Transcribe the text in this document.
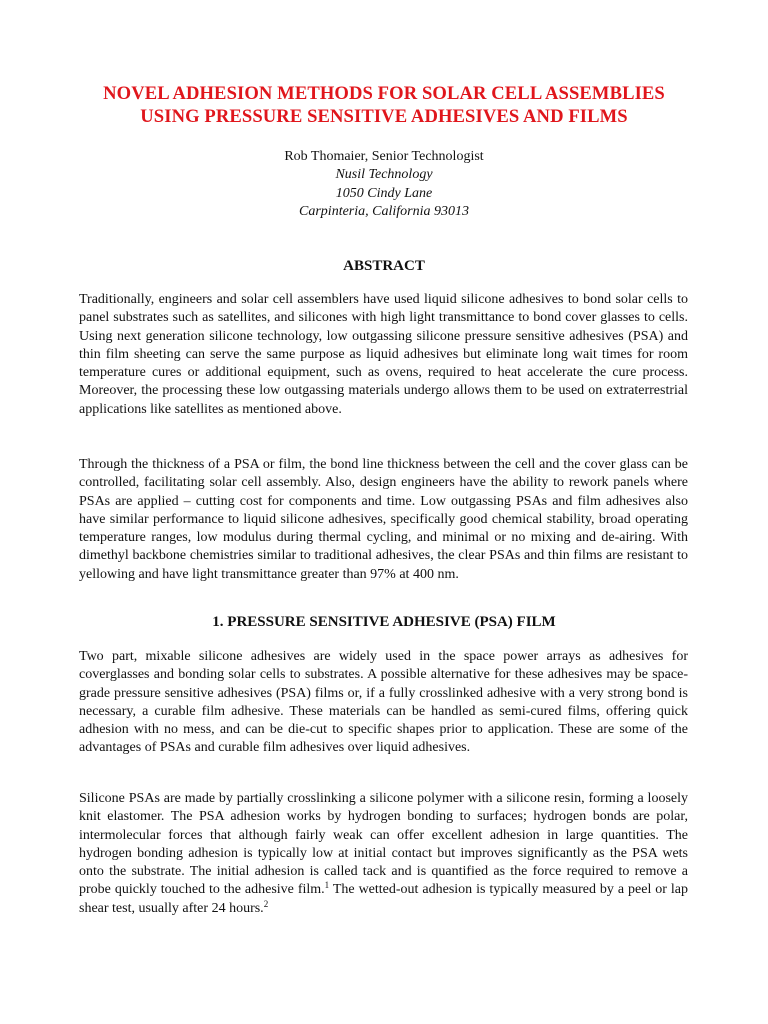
NOVEL ADHESION METHODS FOR SOLAR CELL ASSEMBLIES
USING PRESSURE SENSITIVE ADHESIVES AND FILMS
Rob Thomaier, Senior Technologist
Nusil Technology
1050 Cindy Lane
Carpinteria, California 93013
ABSTRACT
Traditionally, engineers and solar cell assemblers have used liquid silicone adhesives to bond solar cells to panel substrates such as satellites, and silicones with high light transmittance to bond cover glasses to cells. Using next generation silicone technology, low outgassing silicone pressure sensitive adhesives (PSA) and thin film sheeting can serve the same purpose as liquid adhesives but eliminate long wait times for room temperature cures or additional equipment, such as ovens, required to heat accelerate the cure process. Moreover, the processing these low outgassing materials undergo allows them to be used on extraterrestrial applications like satellites as mentioned above.
Through the thickness of a PSA or film, the bond line thickness between the cell and the cover glass can be controlled, facilitating solar cell assembly. Also, design engineers have the ability to rework panels where PSAs are applied – cutting cost for components and time. Low outgassing PSAs and film adhesives also have similar performance to liquid silicone adhesives, specifically good chemical stability, broad operating temperature ranges, low modulus during thermal cycling, and minimal or no mixing and de-airing. With dimethyl backbone chemistries similar to traditional adhesives, the clear PSAs and thin films are resistant to yellowing and have light transmittance greater than 97% at 400 nm.
1. PRESSURE SENSITIVE ADHESIVE (PSA) FILM
Two part, mixable silicone adhesives are widely used in the space power arrays as adhesives for coverglasses and bonding solar cells to substrates. A possible alternative for these adhesives may be space-grade pressure sensitive adhesives (PSA) films or, if a fully crosslinked adhesive with a very strong bond is necessary, a curable film adhesive. These materials can be handled as semi-cured films, offering quick adhesion with no mess, and can be die-cut to specific shapes prior to application. These are some of the advantages of PSAs and curable film adhesives over liquid adhesives.
Silicone PSAs are made by partially crosslinking a silicone polymer with a silicone resin, forming a loosely knit elastomer. The PSA adhesion works by hydrogen bonding to surfaces; hydrogen bonds are polar, intermolecular forces that although fairly weak can offer excellent adhesion in large quantities. The hydrogen bonding adhesion is typically low at initial contact but improves significantly as the PSA wets onto the substrate. The initial adhesion is called tack and is quantified as the force required to remove a probe quickly touched to the adhesive film.$^1$ The wetted-out adhesion is typically measured by a peel or lap shear test, usually after 24 hours.$^2$
